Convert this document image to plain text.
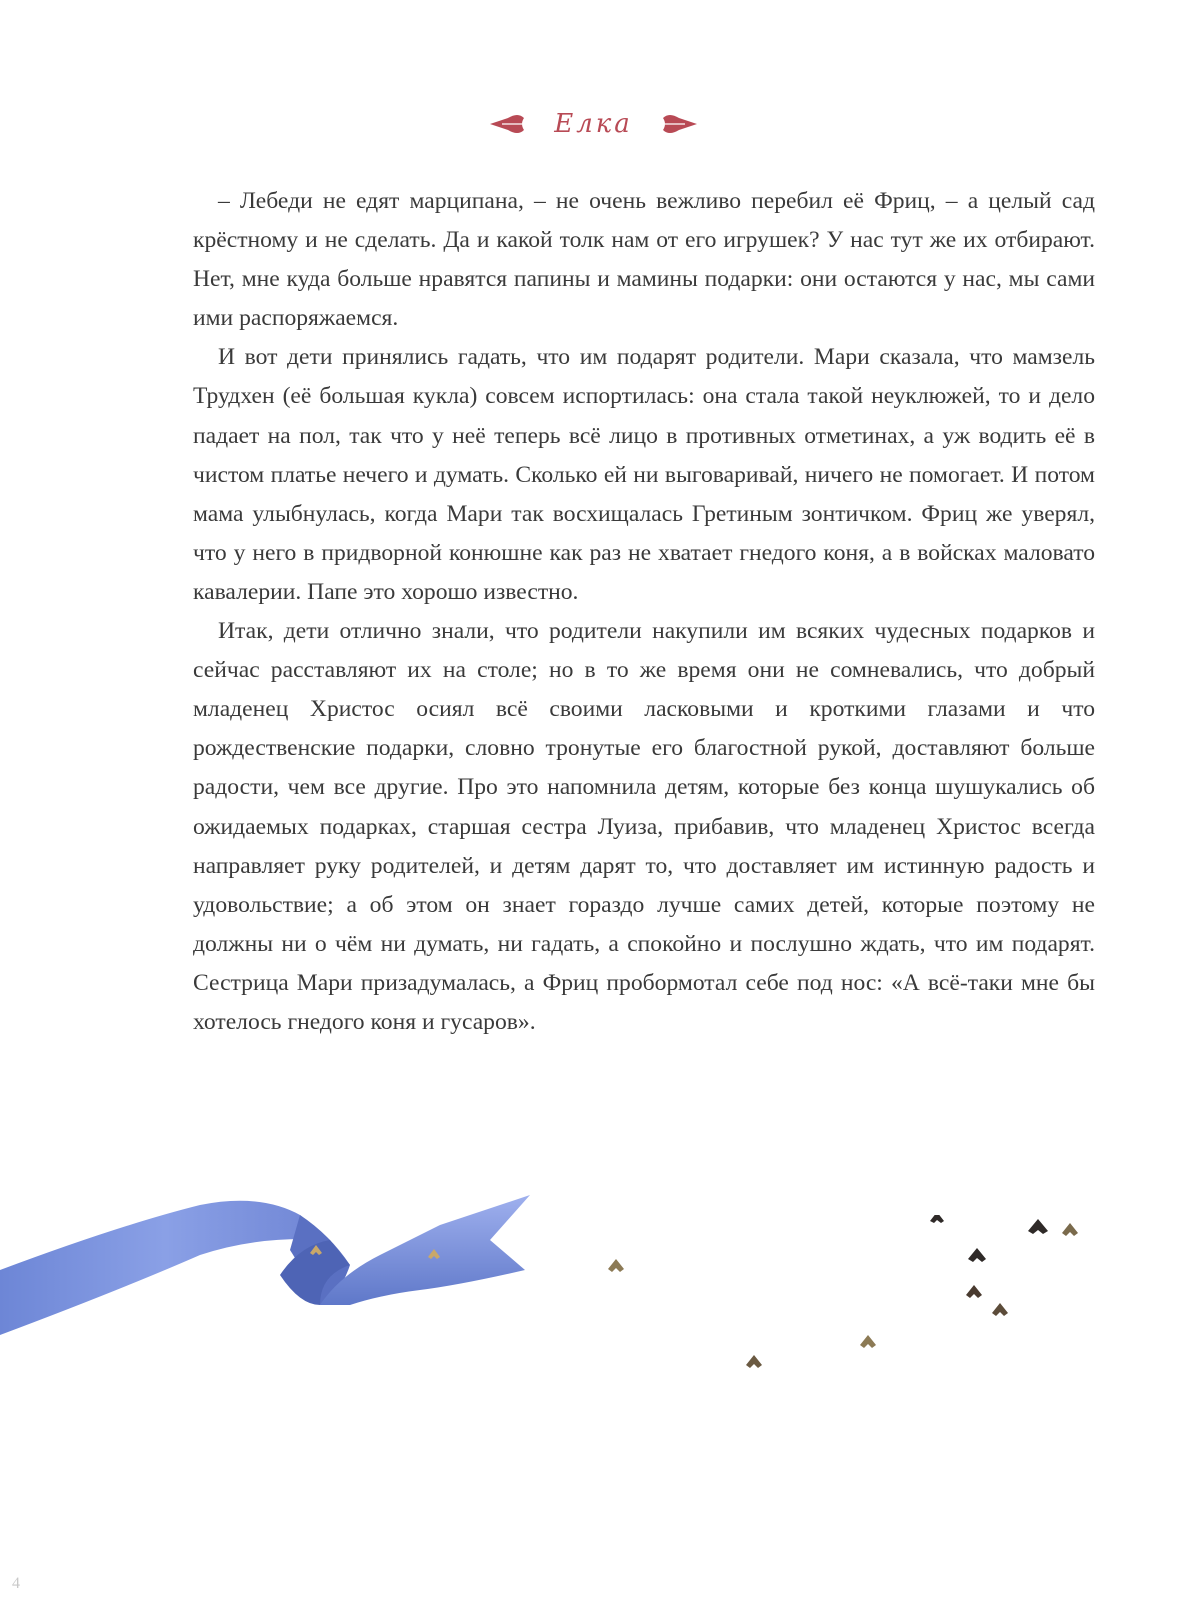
Елка

– Лебеди не едят марципана, – не очень вежливо перебил её Фриц, – а целый сад крёстному и не сделать. Да и какой толк нам от его игрушек? У нас тут же их отбирают. Нет, мне куда больше нравятся папины и мамины подарки: они остаются у нас, мы сами ими распоряжаемся.

И вот дети принялись гадать, что им подарят родители. Мари сказала, что мамзель Трудхен (её большая кукла) совсем испортилась: она стала такой неуклюжей, то и дело падает на пол, так что у неё теперь всё лицо в противных отметинах, а уж водить её в чистом платье нечего и думать. Сколько ей ни выговаривай, ничего не помогает. И потом мама улыбнулась, когда Мари так восхищалась Гретиным зонтичком. Фриц же уверял, что у него в придворной конюшне как раз не хватает гнедого коня, а в войсках маловато кавалерии. Папе это хорошо известно.

Итак, дети отлично знали, что родители накупили им всяких чудесных подарков и сейчас расставляют их на столе; но в то же время они не сомневались, что добрый младенец Христос осиял всё своими ласковыми и кроткими глазами и что рождественские подарки, словно тронутые его благостной рукой, доставляют больше радости, чем все другие. Про это напомнила детям, которые без конца шушукались об ожидаемых подарках, старшая сестра Луиза, прибавив, что младенец Христос всегда направляет руку родителей, и детям дарят то, что доставляет им истинную радость и удовольствие; а об этом он знает гораздо лучше самих детей, которые поэтому не должны ни о чём ни думать, ни гадать, а спокойно и послушно ждать, что им подарят. Сестрица Мари призадумалась, а Фриц пробормотал себе под нос: «А всё-таки мне бы хотелось гнедого коня и гусаров».

4
